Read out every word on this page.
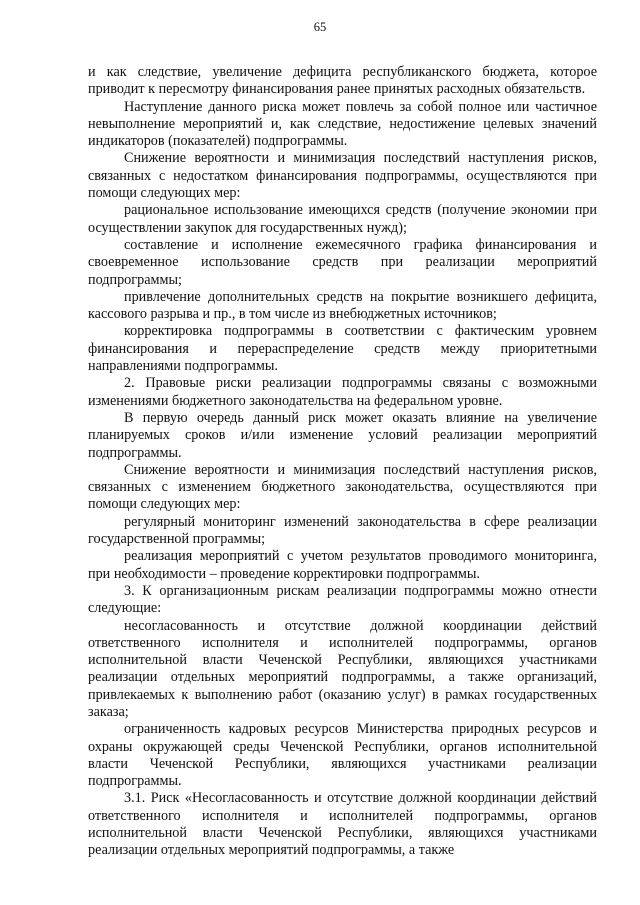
65

и как следствие, увеличение дефицита республиканского бюджета, которое приводит к пересмотру финансирования ранее принятых расходных обязательств.

Наступление данного риска может повлечь за собой полное или частичное невыполнение мероприятий и, как следствие, недостижение целевых значений индикаторов (показателей) подпрограммы.

Снижение вероятности и минимизация последствий наступления рисков, связанных с недостатком финансирования подпрограммы, осуществляются при помощи следующих мер:

рациональное использование имеющихся средств (получение экономии при осуществлении закупок для государственных нужд);

составление и исполнение ежемесячного графика финансирования и своевременное использование средств при реализации мероприятий подпрограммы;

привлечение дополнительных средств на покрытие возникшего дефицита, кассового разрыва и пр., в том числе из внебюджетных источников;

корректировка подпрограммы в соответствии с фактическим уровнем финансирования и перераспределение средств между приоритетными направлениями подпрограммы.

2. Правовые риски реализации подпрограммы связаны с возможными изменениями бюджетного законодательства на федеральном уровне.

В первую очередь данный риск может оказать влияние на увеличение планируемых сроков и/или изменение условий реализации мероприятий подпрограммы.

Снижение вероятности и минимизация последствий наступления рисков, связанных с изменением бюджетного законодательства, осуществляются при помощи следующих мер:

регулярный мониторинг изменений законодательства в сфере реализации государственной программы;

реализация мероприятий с учетом результатов проводимого мониторинга, при необходимости – проведение корректировки подпрограммы.

3. К организационным рискам реализации подпрограммы можно отнести следующие:

несогласованность и отсутствие должной координации действий ответственного исполнителя и исполнителей подпрограммы, органов исполнительной власти Чеченской Республики, являющихся участниками реализации отдельных мероприятий подпрограммы, а также организаций, привлекаемых к выполнению работ (оказанию услуг) в рамках государственных заказа;

ограниченность кадровых ресурсов Министерства природных ресурсов и охраны окружающей среды Чеченской Республики, органов исполнительной власти Чеченской Республики, являющихся участниками реализации подпрограммы.

3.1. Риск «Несогласованность и отсутствие должной координации действий ответственного исполнителя и исполнителей подпрограммы, органов исполнительной власти Чеченской Республики, являющихся участниками реализации отдельных мероприятий подпрограммы, а также
